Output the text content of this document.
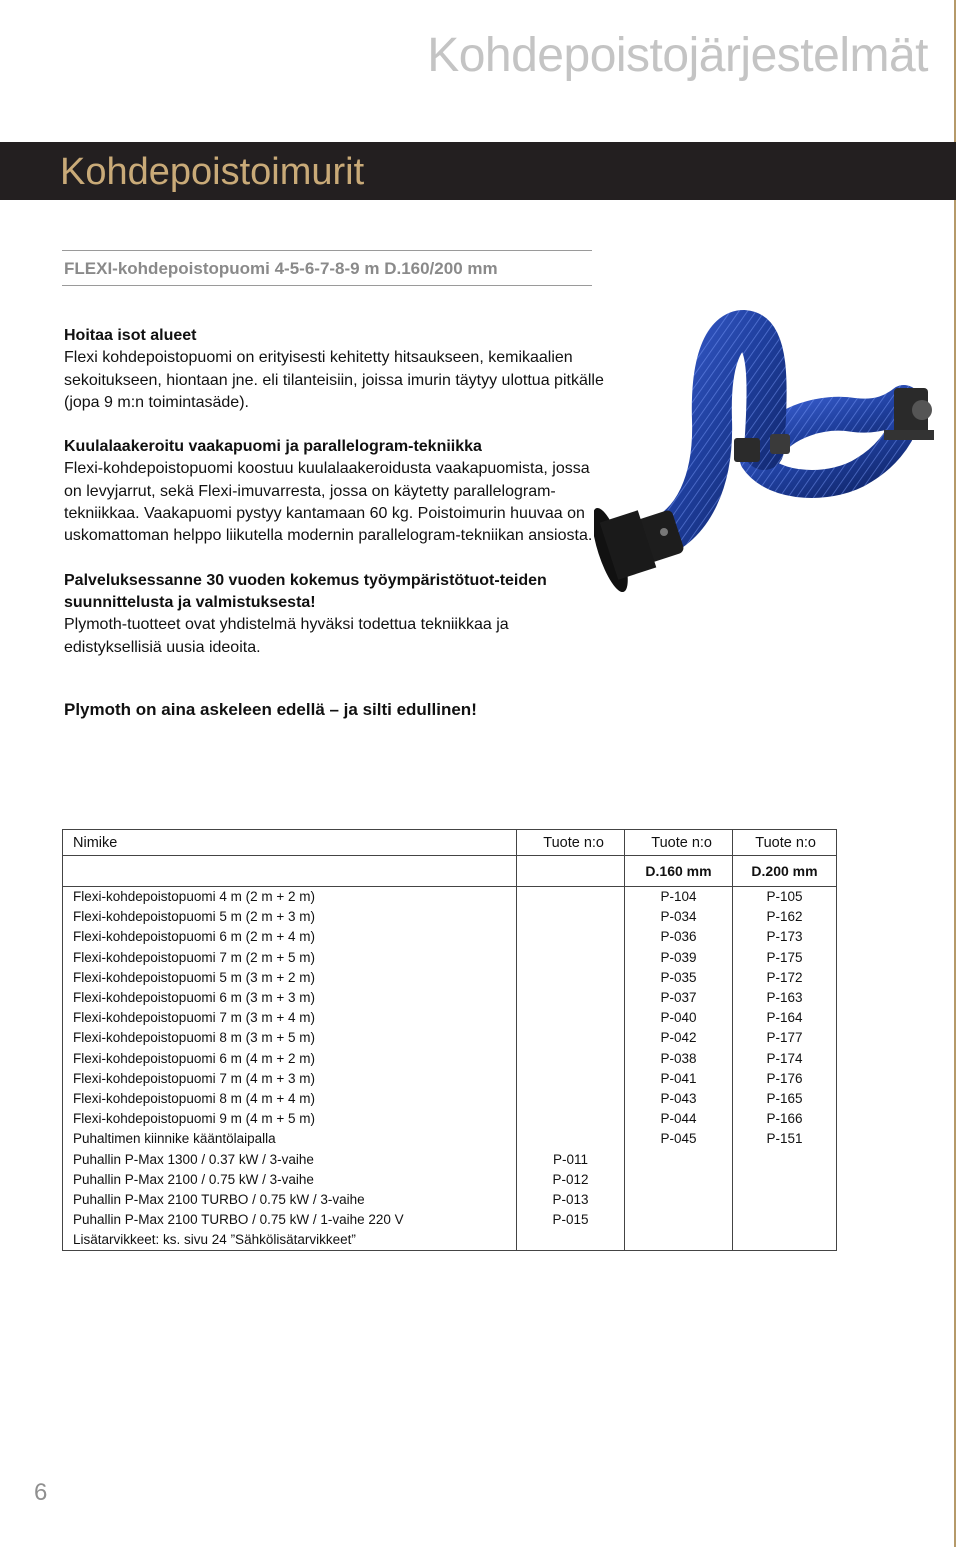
Kohdepoistojärjestelmät
Kohdepoistoimurit
FLEXI-kohdepoistopuomi 4-5-6-7-8-9 m D.160/200 mm

Hoitaa isot alueet

Flexi kohdepoistopuomi on erityisesti kehitetty hitsaukseen, kemikaalien sekoitukseen, hiontaan jne. eli tilanteisiin, joissa imurin täytyy ulottua pitkälle (jopa 9 m:n toimintasäde).

Kuulalaakeroitu vaakapuomi ja parallelogram-tekniikka

Flexi-kohdepoistopuomi koostuu kuulalaakeroidusta vaakapuomista, jossa on levyjarrut, sekä Flexi-imuvarresta, jossa on käytetty parallelogram-tekniikkaa. Vaakapuomi pystyy kantamaan 60 kg. Poistoimurin huuvaa on uskomattoman helppo liikutella modernin parallelogram-tekniikan ansiosta.

Palveluksessanne 30 vuoden kokemus työympäristötuot-teiden suunnittelusta ja valmistuksesta!

Plymoth-tuotteet ovat yhdistelmä hyväksi todettua tekniikkaa ja edistyksellisiä uusia ideoita.

Plymoth on aina askeleen edellä – ja silti edullinen!
Nimike	Tuote n:o	Tuote n:o	Tuote n:o
		D.160 mm	D.200 mm
Flexi-kohdepoistopuomi 4 m (2 m + 2 m)		P-104	P-105
Flexi-kohdepoistopuomi 5 m (2 m + 3 m)		P-034	P-162
Flexi-kohdepoistopuomi 6 m (2 m + 4 m)		P-036	P-173
Flexi-kohdepoistopuomi 7 m (2 m + 5 m)		P-039	P-175
Flexi-kohdepoistopuomi 5 m (3 m + 2 m)		P-035	P-172
Flexi-kohdepoistopuomi 6 m (3 m + 3 m)		P-037	P-163
Flexi-kohdepoistopuomi 7 m (3 m + 4 m)		P-040	P-164
Flexi-kohdepoistopuomi 8 m (3 m + 5 m)		P-042	P-177
Flexi-kohdepoistopuomi 6 m (4 m + 2 m)		P-038	P-174
Flexi-kohdepoistopuomi 7 m (4 m + 3 m)		P-041	P-176
Flexi-kohdepoistopuomi 8 m (4 m + 4 m)		P-043	P-165
Flexi-kohdepoistopuomi 9 m (4 m + 5 m)		P-044	P-166
Puhaltimen kiinnike kääntölaipalla		P-045	P-151
Puhallin P-Max 1300 / 0.37 kW / 3-vaihe	P-011		
Puhallin P-Max 2100 / 0.75 kW / 3-vaihe	P-012		
Puhallin P-Max 2100 TURBO / 0.75 kW / 3-vaihe	P-013		
Puhallin P-Max 2100 TURBO / 0.75 kW / 1-vaihe 220 V	P-015		
Lisätarvikkeet: ks. sivu 24 ”Sähkölisätarvikkeet”			
6
